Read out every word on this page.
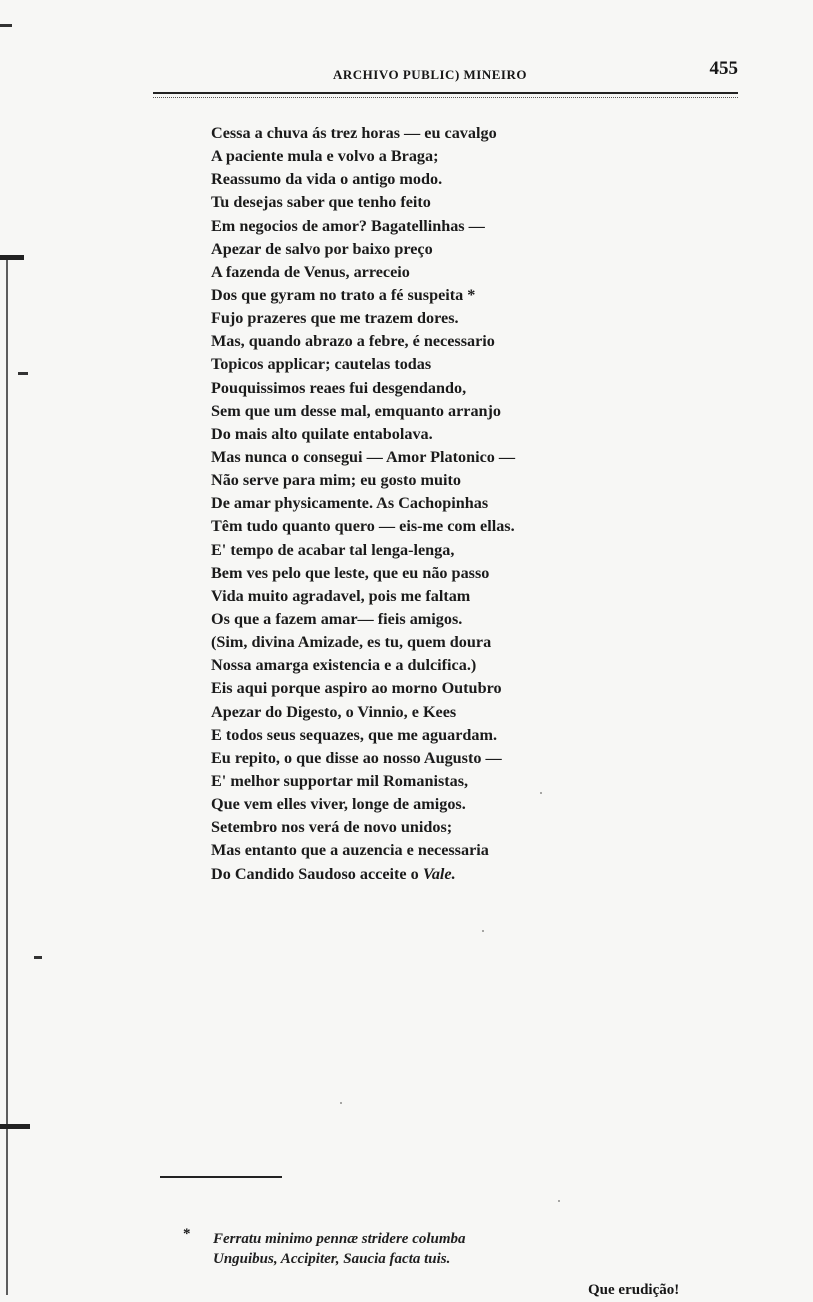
ARCHIVO PUBLIC) MINEIRO	455
Cessa a chuva ás trez horas — eu cavalgo
A paciente mula e volvo a Braga;
Reassumo da vida o antigo modo.
Tu desejas saber que tenho feito
Em negocios de amor? Bagatellinhas —
Apezar de salvo por baixo preço
A fazenda de Venus, arreceio
Dos que gyram no trato a fé suspeita *
Fujo prazeres que me trazem dores.
Mas, quando abrazo a febre, é necessario
Topicos applicar; cautelas todas
Pouquissimos reaes fui desgendando,
Sem que um desse mal, emquanto arranjo
Do mais alto quilate entabolava.
Mas nunca o consegui — Amor Platonico —
Não serve para mim; eu gosto muito
De amar physicamente. As Cachopinhas
Têm tudo quanto quero — eis-me com ellas.
E' tempo de acabar tal lenga-lenga,
Bem ves pelo que leste, que eu não passo
Vida muito agradavel, pois me faltam
Os que a fazem amar— fieis amigos.
(Sim, divina Amizade, es tu, quem doura
Nossa amarga existencia e a dulcifica.)
Eis aqui porque aspiro ao morno Outubro
Apezar do Digesto, o Vinnio, e Kees
E todos seus sequazes, que me aguardam.
Eu repito, o que disse ao nosso Augusto —
E' melhor supportar mil Romanistas,
Que vem elles viver, longe de amigos.
Setembro nos verá de novo unidos;
Mas entanto que a auzencia e necessaria
Do Candido Saudoso acceite o Vale.
*	Ferratu minimo pennæ stridere columba
Unguibus, Accipiter, Saucia facta tuis.
Que erudição!
